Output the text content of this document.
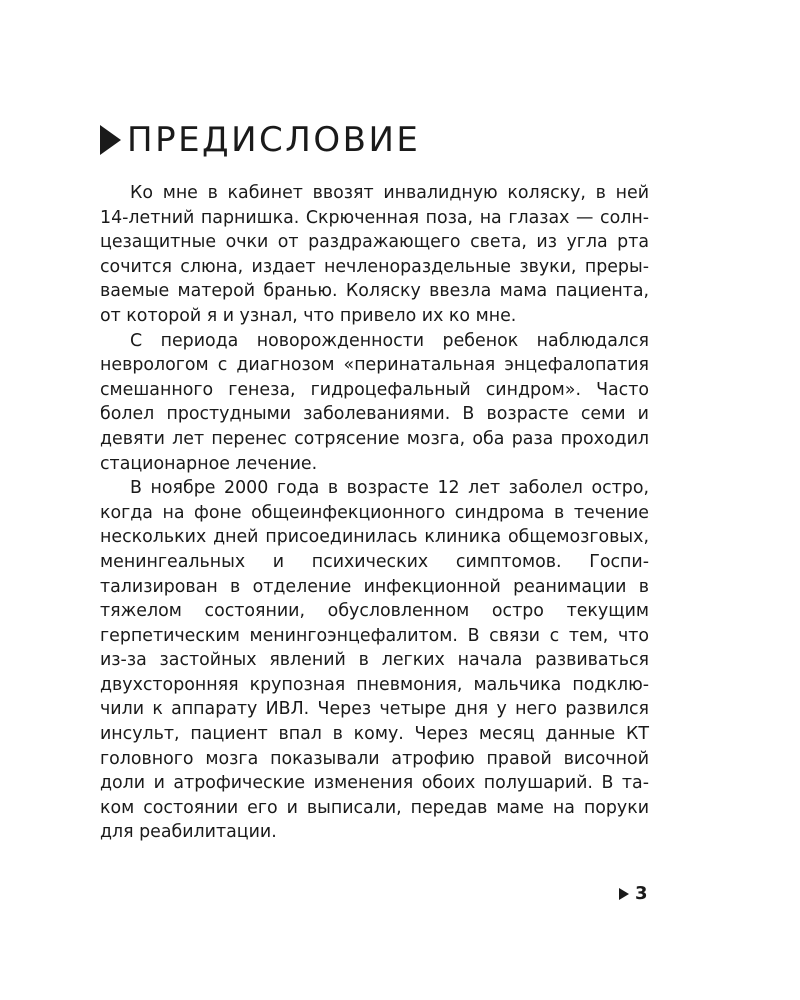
ПРЕДИСЛОВИЕ

Ко мне в кабинет ввозят инвалидную коляску, в ней 14-летний парнишка. Скрюченная поза, на глазах — солнцезащитные очки от раздражающего света, из угла рта сочится слюна, издает нечленораздельные звуки, прерываемые матерой бранью. Коляску ввезла мама пациента, от которой я и узнал, что привело их ко мне.

С периода новорожденности ребенок наблюдался неврологом с диагнозом «перинатальная энцефалопатия смешанного генеза, гидроцефальный синдром». Часто болел простудными заболеваниями. В возрасте семи и девяти лет перенес сотрясение мозга, оба раза проходил стационарное лечение.

В ноябре 2000 года в возрасте 12 лет заболел остро, когда на фоне общеинфекционного синдрома в течение нескольких дней присоединилась клиника общемозговых, менингеальных и психических симптомов. Госпитализирован в отделение инфекционной реанимации в тяжелом состоянии, обусловленном остро текущим герпетическим менингоэнцефалитом. В связи с тем, что из-за застойных явлений в легких начала развиваться двухсторонняя крупозная пневмония, мальчика подключили к аппарату ИВЛ. Через четыре дня у него развился инсульт, пациент впал в кому. Через месяц данные КТ головного мозга показывали атрофию правой височной доли и атрофические изменения обоих полушарий. В таком состоянии его и выписали, передав маме на поруки для реабилитации.

3
